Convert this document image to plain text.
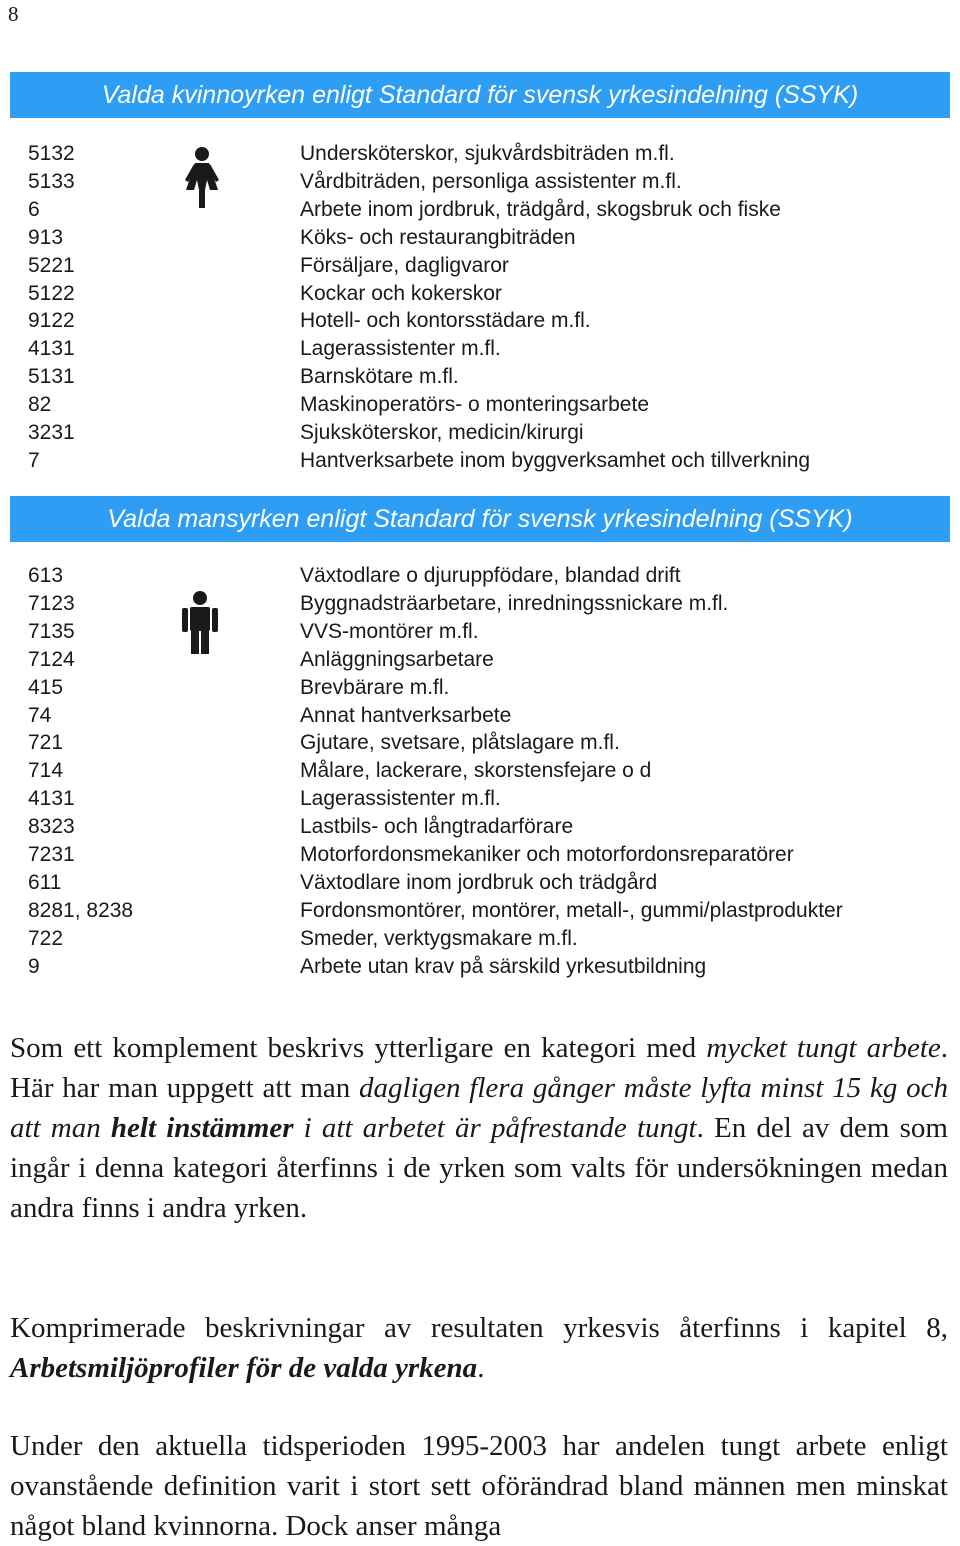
8
Valda kvinnoyrken enligt Standard för svensk yrkesindelning (SSYK)
5132	Undersköterskor, sjukvårdsbiträden m.fl.
5133	Vårdbiträden, personliga assistenter m.fl.
6	Arbete inom jordbruk, trädgård, skogsbruk och fiske
913	Köks- och restaurangbiträden
5221	Försäljare, dagligvaror
5122	Kockar och kokerskor
9122	Hotell- och kontorsstädare m.fl.
4131	Lagerassistenter m.fl.
5131	Barnskötare m.fl.
82	Maskinoperatörs- o monteringsarbete
3231	Sjuksköterskor, medicin/kirurgi
7	Hantverksarbete inom byggverksamhet och tillverkning
Valda mansyrken enligt Standard för svensk yrkesindelning (SSYK)
613	Växtodlare o djuruppfödare, blandad drift
7123	Byggnadsträarbetare, inredningssnickare m.fl.
7135	VVS-montörer m.fl.
7124	Anläggningsarbetare
415	Brevbärare m.fl.
74	Annat hantverksarbete
721	Gjutare, svetsare, plåtslagare m.fl.
714	Målare, lackerare, skorstensfejare o d
4131	Lagerassistenter m.fl.
8323	Lastbils- och långtradarförare
7231	Motorfordonsmekaniker och motorfordonsreparatörer
611	Växtodlare inom jordbruk och trädgård
8281, 8238	Fordonsmontörer, montörer, metall-, gummi/plastprodukter
722	Smeder, verktygsmakare m.fl.
9	Arbete utan krav på särskild yrkesutbildning

Som ett komplement beskrivs ytterligare en kategori med mycket tungt arbete. Här har man uppgett att man dagligen flera gånger måste lyfta minst 15 kg och att man helt instämmer i att arbetet är påfrestande tungt. En del av dem som ingår i denna kategori återfinns i de yrken som valts för undersökningen medan andra finns i andra yrken.

Komprimerade beskrivningar av resultaten yrkesvis återfinns i kapitel 8, Arbetsmiljöprofiler för de valda yrkena.

Under den aktuella tidsperioden 1995-2003 har andelen tungt arbete enligt ovanstående definition varit i stort sett oförändrad bland männen men minskat något bland kvinnorna. Dock anser många
